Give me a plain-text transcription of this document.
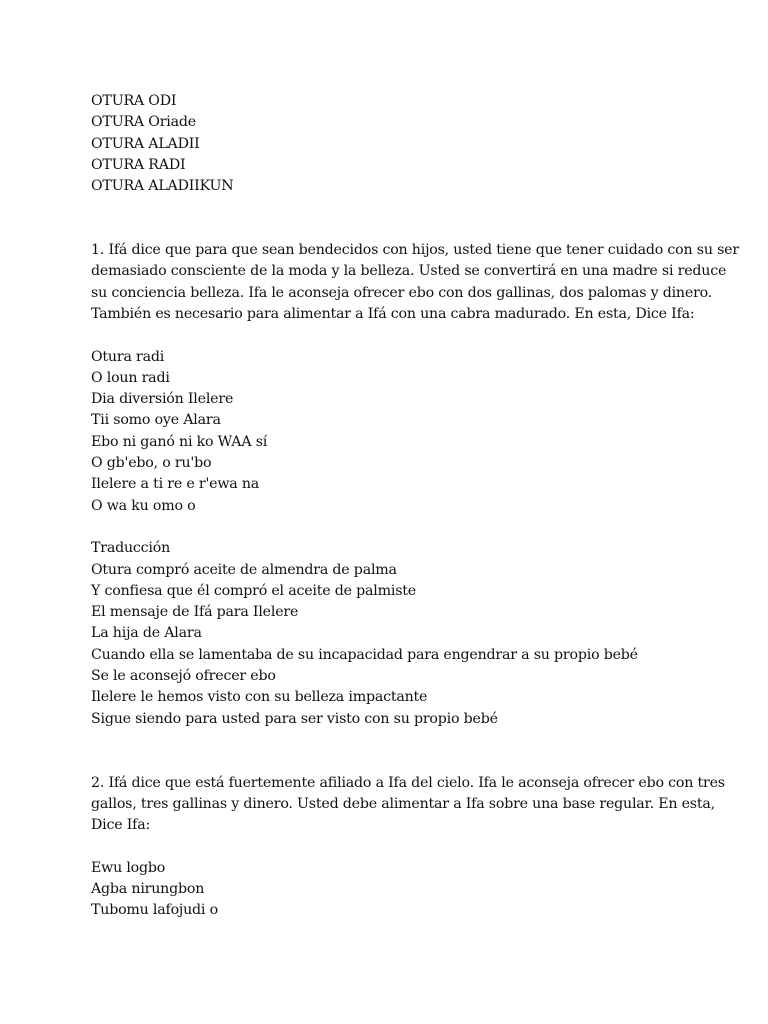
OTURA ODI
OTURA Oriade
OTURA ALADII
OTURA RADI
OTURA ALADIIKUN
1. Ifá dice que para que sean bendecidos con hijos, usted tiene que tener cuidado con su ser
demasiado consciente de la moda y la belleza. Usted se convertirá en una madre si reduce
su conciencia belleza. Ifa le aconseja ofrecer ebo con dos gallinas, dos palomas y dinero.
También es necesario para alimentar a Ifá con una cabra madurado. En esta, Dice Ifa:
Otura radi
O loun radi
Dia diversión Ilelere
Tii somo oye Alara
Ebo ni ganó ni ko WAA sí
O gb'ebo, o ru'bo
Ilelere a ti re e r'ewa na
O wa ku omo o
Traducción
Otura compró aceite de almendra de palma
Y confiesa que él compró el aceite de palmiste
El mensaje de Ifá para Ilelere
La hija de Alara
Cuando ella se lamentaba de su incapacidad para engendrar a su propio bebé
Se le aconsejó ofrecer ebo
Ilelere le hemos visto con su belleza impactante
Sigue siendo para usted para ser visto con su propio bebé
2. Ifá dice que está fuertemente afiliado a Ifa del cielo. Ifa le aconseja ofrecer ebo con tres
gallos, tres gallinas y dinero. Usted debe alimentar a Ifa sobre una base regular. En esta,
Dice Ifa:
Ewu logbo
Agba nirungbon
Tubomu lafojudi o
